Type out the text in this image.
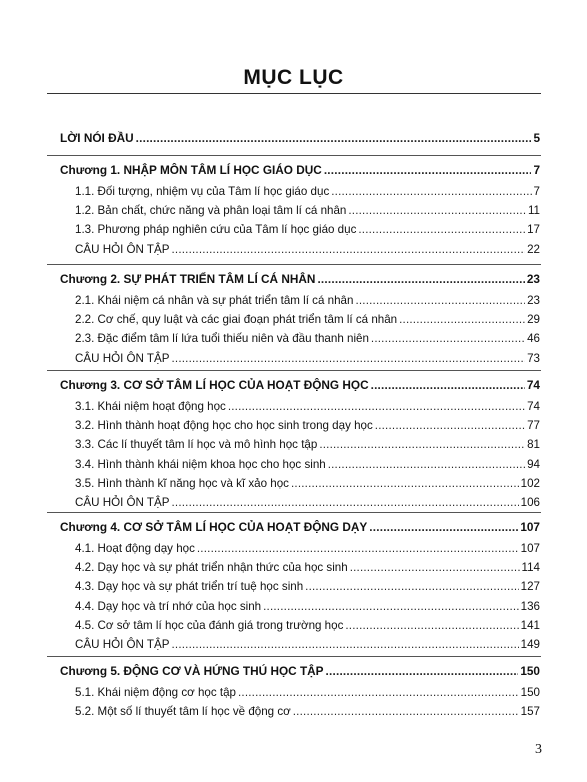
MỤC LỤC
LỜI NÓI ĐẦU .....	5
Chương 1. NHẬP MÔN TÂM LÍ HỌC GIÁO DỤC .....	7
1.1. Đối tượng, nhiệm vụ của Tâm lí học giáo dục .....	7
1.2. Bản chất, chức năng và phân loại tâm lí cá nhân .....	11
1.3. Phương pháp nghiên cứu của Tâm lí học giáo dục .....	17
CÂU HỎI ÔN TẬP .....	22
Chương 2. SỰ PHÁT TRIỂN TÂM LÍ CÁ NHÂN .....	23
2.1. Khái niệm cá nhân và sự phát triển tâm lí cá nhân .....	23
2.2. Cơ chế, quy luật và các giai đoạn phát triển tâm lí cá nhân .....	29
2.3. Đặc điểm tâm lí lứa tuổi thiếu niên và đầu thanh niên .....	46
CÂU HỎI ÔN TẬP .....	73
Chương 3. CƠ SỞ TÂM LÍ HỌC CỦA HOẠT ĐỘNG HỌC .....	74
3.1. Khái niệm hoạt động học .....	74
3.2. Hình thành hoạt động học cho học sinh trong dạy học .....	77
3.3. Các lí thuyết tâm lí học và mô hình học tập .....	81
3.4. Hình thành khái niệm khoa học cho học sinh .....	94
3.5. Hình thành kĩ năng học và kĩ xảo học .....	102
CÂU HỎI ÔN TẬP .....	106
Chương 4. CƠ SỞ TÂM LÍ HỌC CỦA HOẠT ĐỘNG DẠY .....	107
4.1. Hoạt động dạy học .....	107
4.2. Dạy học và sự phát triển nhận thức của học sinh .....	114
4.3. Dạy học và sự phát triển trí tuệ học sinh .....	127
4.4. Dạy học và trí nhớ của học sinh .....	136
4.5. Cơ sở tâm lí học của đánh giá trong trường học .....	141
CÂU HỎI ÔN TẬP .....	149
Chương 5. ĐỘNG CƠ VÀ HỨNG THÚ HỌC TẬP .....	150
5.1. Khái niệm động cơ học tập .....	150
5.2. Một số lí thuyết tâm lí học về động cơ .....	157
3
